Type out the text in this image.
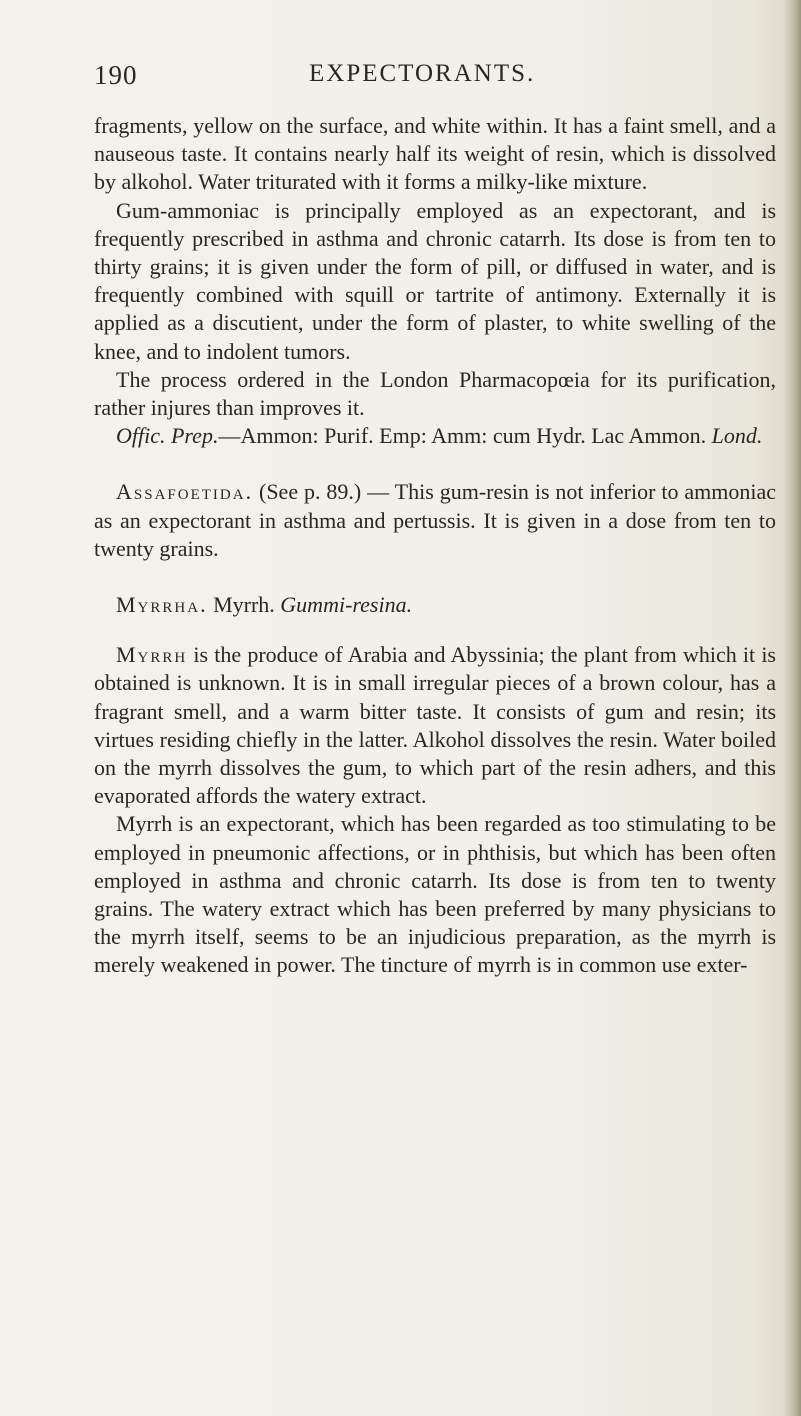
190	EXPECTORANTS.

fragments, yellow on the surface, and white within. It has a faint smell, and a nauseous taste. It contains nearly half its weight of resin, which is dissolved by alkohol. Water triturated with it forms a milky-like mixture.

Gum-ammoniac is principally employed as an expectorant, and is frequently prescribed in asthma and chronic catarrh. Its dose is from ten to thirty grains; it is given under the form of pill, or diffused in water, and is frequently combined with squill or tartrite of antimony. Externally it is applied as a discutient, under the form of plaster, to white swelling of the knee, and to indolent tumors.

The process ordered in the London Pharmacopœia for its purification, rather injures than improves it.

Offic. Prep.—Ammon: Purif. Emp: Amm: cum Hydr. Lac Ammon. Lond.

Assafoetida. (See p. 89.) — This gum-resin is not inferior to ammoniac as an expectorant in asthma and pertussis. It is given in a dose from ten to twenty grains.

Myrrha. Myrrh. Gummi-resina.

Myrrh is the produce of Arabia and Abyssinia; the plant from which it is obtained is unknown. It is in small irregular pieces of a brown colour, has a fragrant smell, and a warm bitter taste. It consists of gum and resin; its virtues residing chiefly in the latter. Alkohol dissolves the resin. Water boiled on the myrrh dissolves the gum, to which part of the resin adhers, and this evaporated affords the watery extract.

Myrrh is an expectorant, which has been regarded as too stimulating to be employed in pneumonic affections, or in phthisis, but which has been often employed in asthma and chronic catarrh. Its dose is from ten to twenty grains. The watery extract which has been preferred by many physicians to the myrrh itself, seems to be an injudicious preparation, as the myrrh is merely weakened in power. The tincture of myrrh is in common use exter-
